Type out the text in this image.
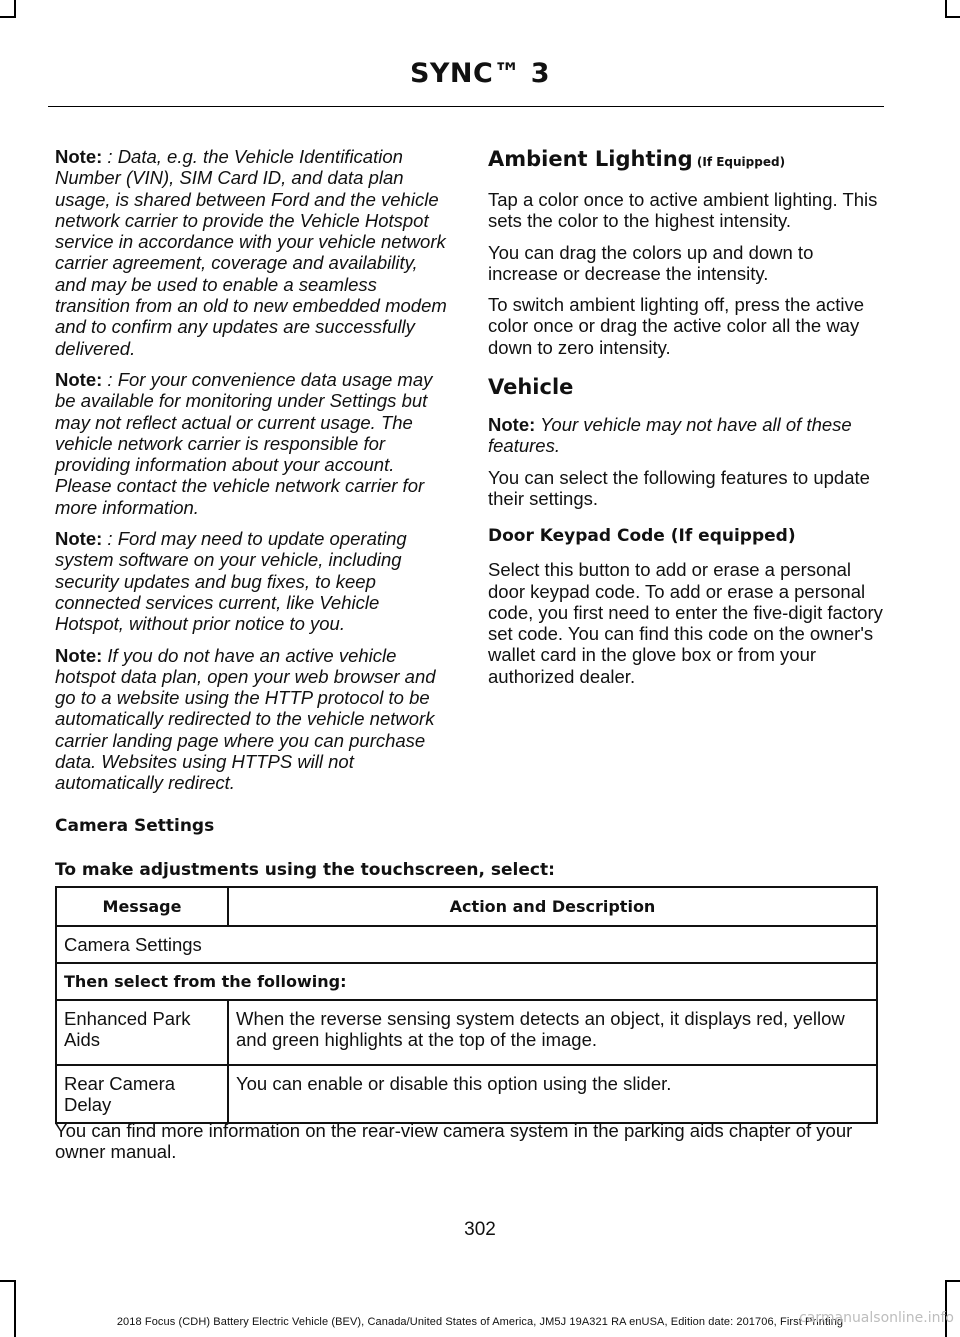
SYNC™ 3

Note: : Data, e.g. the Vehicle Identification Number (VIN), SIM Card ID, and data plan usage, is shared between Ford and the vehicle network carrier to provide the Vehicle Hotspot service in accordance with your vehicle network carrier agreement, coverage and availability, and may be used to enable a seamless transition from an old to new embedded modem and to confirm any updates are successfully delivered.

Note: : For your convenience data usage may be available for monitoring under Settings but may not reflect actual or current usage. The vehicle network carrier is responsible for providing information about your account. Please contact the vehicle network carrier for more information.

Note: : Ford may need to update operating system software on your vehicle, including security updates and bug fixes, to keep connected services current, like Vehicle Hotspot, without prior notice to you.

Note: If you do not have an active vehicle hotspot data plan, open your web browser and go to a website using the HTTP protocol to be automatically redirected to the vehicle network carrier landing page where you can purchase data. Websites using HTTPS will not automatically redirect.

Ambient Lighting (If Equipped)

Tap a color once to active ambient lighting. This sets the color to the highest intensity.

You can drag the colors up and down to increase or decrease the intensity.

To switch ambient lighting off, press the active color once or drag the active color all the way down to zero intensity.

Vehicle

Note: Your vehicle may not have all of these features.

You can select the following features to update their settings.

Door Keypad Code (If equipped)

Select this button to add or erase a personal door keypad code. To add or erase a personal code, you first need to enter the five-digit factory set code. You can find this code on the owner's wallet card in the glove box or from your authorized dealer.

Camera Settings
To make adjustments using the touchscreen, select:
Message	Action and Description
Camera Settings	
Then select from the following:	
Enhanced Park Aids	When the reverse sensing system detects an object, it displays red, yellow and green highlights at the top of the image.
Rear Camera Delay	You can enable or disable this option using the slider.
You can find more information on the rear-view camera system in the parking aids chapter of your owner manual.
302
2018 Focus (CDH) Battery Electric Vehicle (BEV), Canada/United States of America, JM5J 19A321 RA enUSA, Edition date: 201706, First Printing
carmanualsonline.info
